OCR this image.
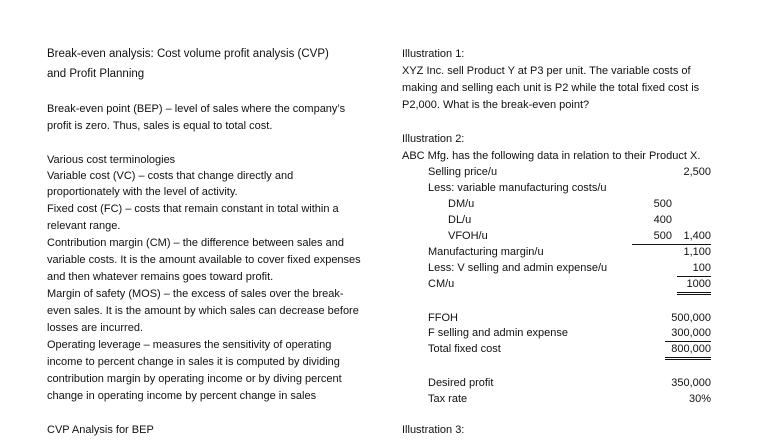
Break-even analysis: Cost volume profit analysis (CVP)
and Profit Planning
Break-even point (BEP) – level of sales where the company’s
profit is zero. Thus, sales is equal to total cost.
Various cost terminologies
Variable cost (VC) – costs that change directly and
proportionately with the level of activity.
Fixed cost (FC) – costs that remain constant in total within a
relevant range.
Contribution margin (CM) – the difference between sales and
variable costs. It is the amount available to cover fixed expenses
and then whatever remains goes toward profit.
Margin of safety (MOS) – the excess of sales over the break-
even sales. It is the amount by which sales can decrease before
losses are incurred.
Operating leverage – measures the sensitivity of operating
income to percent change in sales it is computed by dividing
contribution margin by operating income or by diving percent
change in operating income by percent change in sales
CVP Analysis for BEP
Illustration 1:
XYZ Inc. sell Product Y at P3 per unit. The variable costs of
making and selling each unit is P2 while the total fixed cost is
P2,000. What is the break-even point?
Illustration 2:
ABC Mfg. has the following data in relation to their Product X.
Selling price/u	2,500
Less: variable manufacturing costs/u
DM/u	500
DL/u	400
VFOH/u	500	1,400
Manufacturing margin/u	1,100
Less: V selling and admin expense/u	100
CM/u	1000
FFOH	500,000
F selling and admin expense	300,000
Total fixed cost	800,000
Desired profit	350,000
Tax rate	30%
Illustration 3:
